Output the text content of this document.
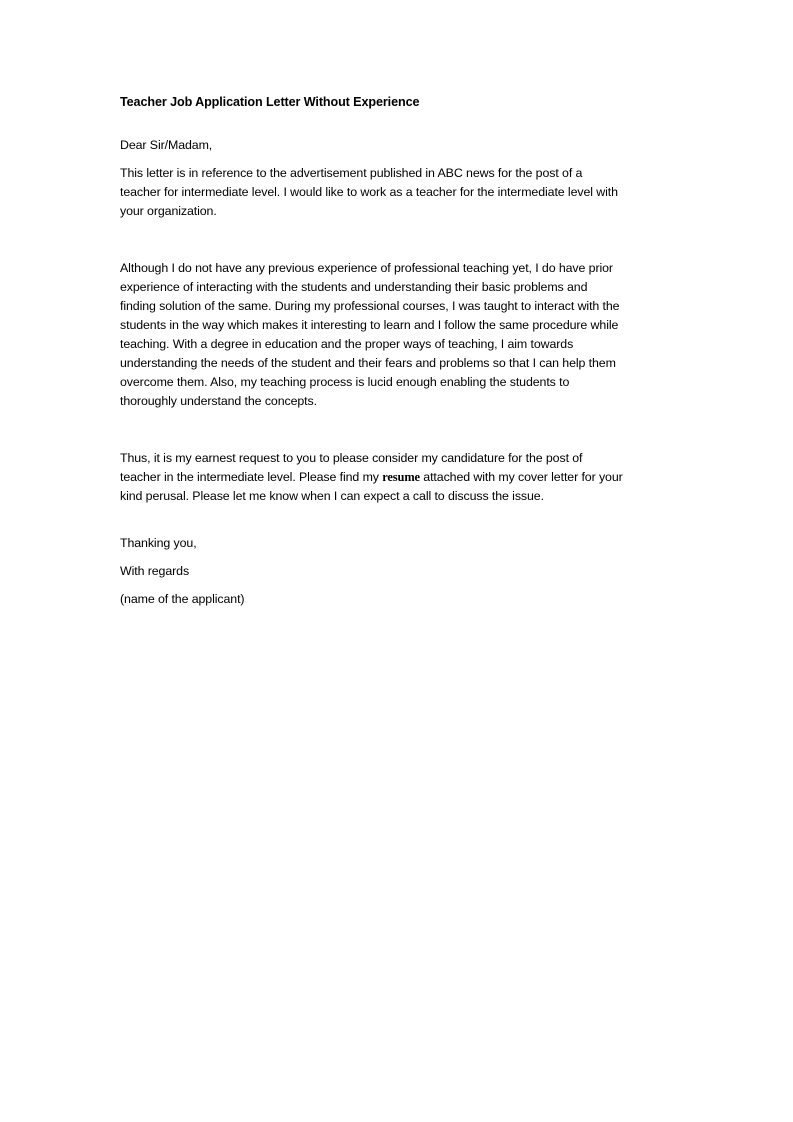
Teacher Job Application Letter Without Experience

Dear Sir/Madam,

This letter is in reference to the advertisement published in ABC news for the post of a
teacher for intermediate level. I would like to work as a teacher for the intermediate level with
your organization.

Although I do not have any previous experience of professional teaching yet, I do have prior
experience of interacting with the students and understanding their basic problems and
finding solution of the same. During my professional courses, I was taught to interact with the
students in the way which makes it interesting to learn and I follow the same procedure while
teaching. With a degree in education and the proper ways of teaching, I aim towards
understanding the needs of the student and their fears and problems so that I can help them
overcome them. Also, my teaching process is lucid enough enabling the students to
thoroughly understand the concepts.

Thus, it is my earnest request to you to please consider my candidature for the post of
teacher in the intermediate level. Please find my resume attached with my cover letter for your
kind perusal. Please let me know when I can expect a call to discuss the issue.

Thanking you,

With regards

(name of the applicant)
